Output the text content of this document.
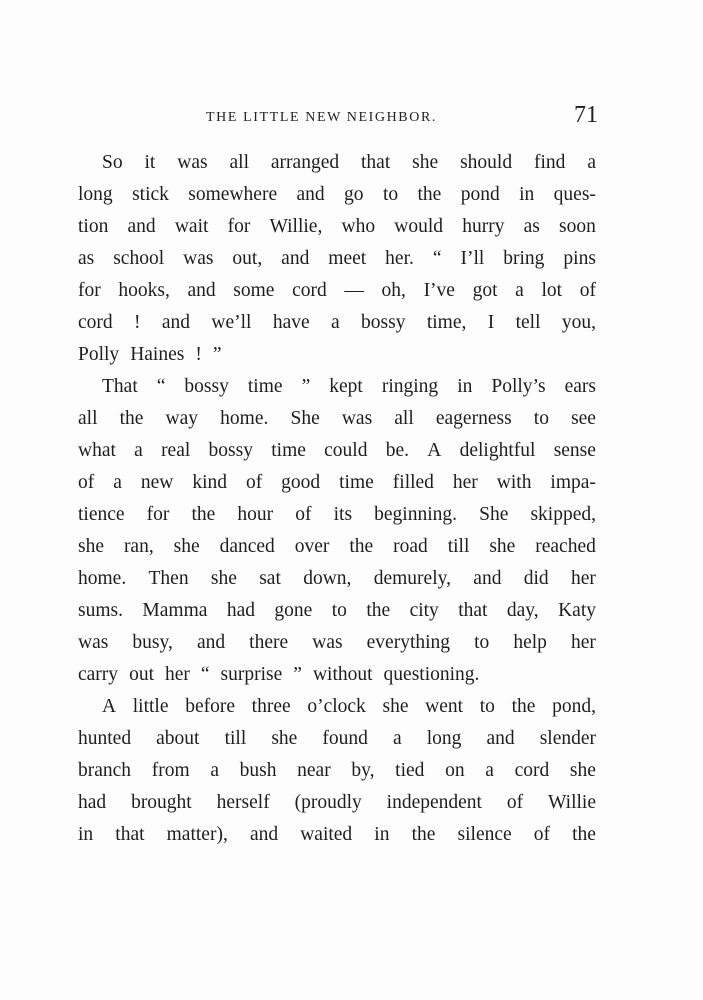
THE LITTLE NEW NEIGHBOR.	71
So it was all arranged that she should find a
long stick somewhere and go to the pond in ques-
tion and wait for Willie, who would hurry as soon
as school was out, and meet her. “ I’ll bring pins
for hooks, and some cord — oh, I’ve got a lot of
cord ! and we’ll have a bossy time, I tell you,
Polly Haines ! ”
That “ bossy time ” kept ringing in Polly’s ears
all the way home. She was all eagerness to see
what a real bossy time could be. A delightful sense
of a new kind of good time filled her with impa-
tience for the hour of its beginning. She skipped,
she ran, she danced over the road till she reached
home. Then she sat down, demurely, and did her
sums. Mamma had gone to the city that day, Katy
was busy, and there was everything to help her
carry out her “ surprise ” without questioning.
A little before three o’clock she went to the pond,
hunted about till she found a long and slender
branch from a bush near by, tied on a cord she
had brought herself (proudly independent of Willie
in that matter), and waited in the silence of the
